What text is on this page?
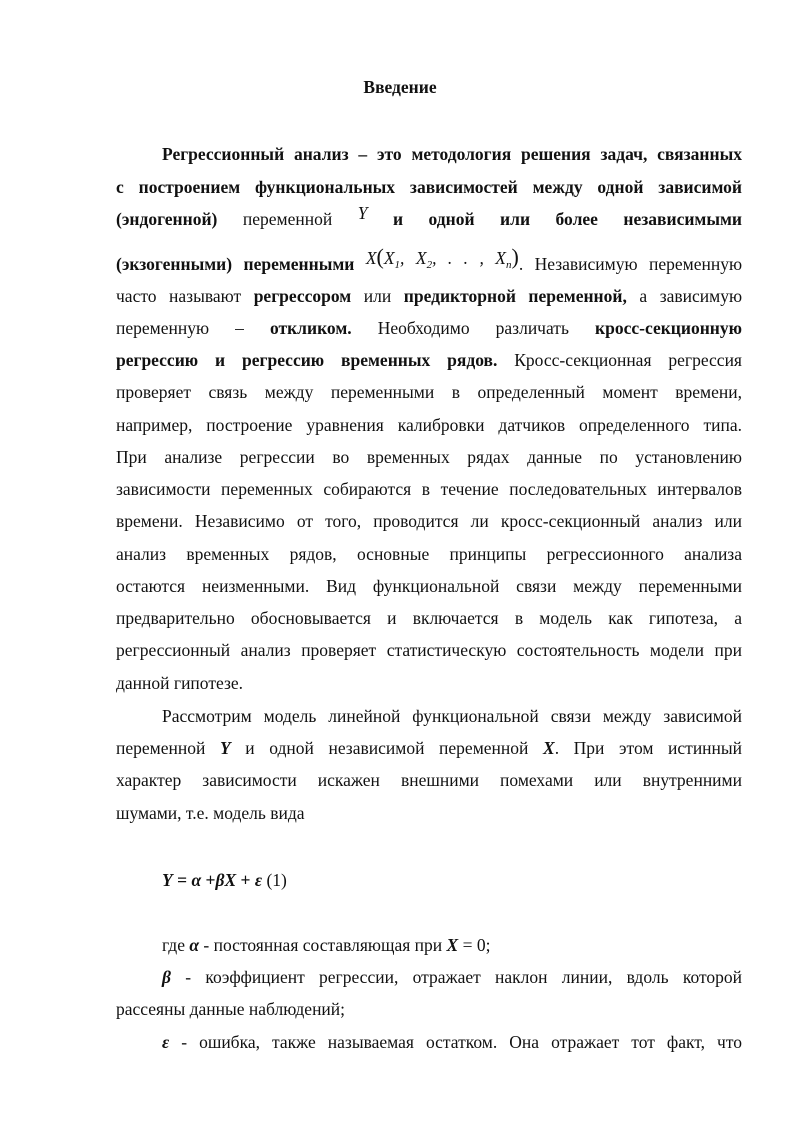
Введение
Регрессионный анализ – это методология решения задач, связанных
с построением функциональных зависимостей между одной зависимой
(эндогенной) переменной Y и одной или более независимыми
(экзогенными) переменными $X(X_1$, $X_2$, . . , $X_n$). Независимую переменную
часто называют регрессором или предикторной переменной, а зависимую
переменную – откликом. Необходимо различать кросс-секционную
регрессию и регрессию временных рядов. Кросс-секционная регрессия
проверяет связь между переменными в определенный момент времени,
например, построение уравнения калибровки датчиков определенного типа.
При анализе регрессии во временных рядах данные по установлению
зависимости переменных собираются в течение последовательных интервалов
времени. Независимо от того, проводится ли кросс-секционный анализ или
анализ временных рядов, основные принципы регрессионного анализа
остаются неизменными. Вид функциональной связи между переменными
предварительно обосновывается и включается в модель как гипотеза, а
регрессионный анализ проверяет статистическую состоятельность модели при
данной гипотезе.
Рассмотрим модель линейной функциональной связи между зависимой
переменной Y и одной независимой переменной X. При этом истинный
характер зависимости искажен внешними помехами или внутренними
шумами, т.е. модель вида
Y = α +βX + ε (1)
где α - постоянная составляющая при X = 0;
β - коэффициент регрессии, отражает наклон линии, вдоль которой
рассеяны данные наблюдений;
ε - ошибка, также называемая остатком. Она отражает тот факт, что
